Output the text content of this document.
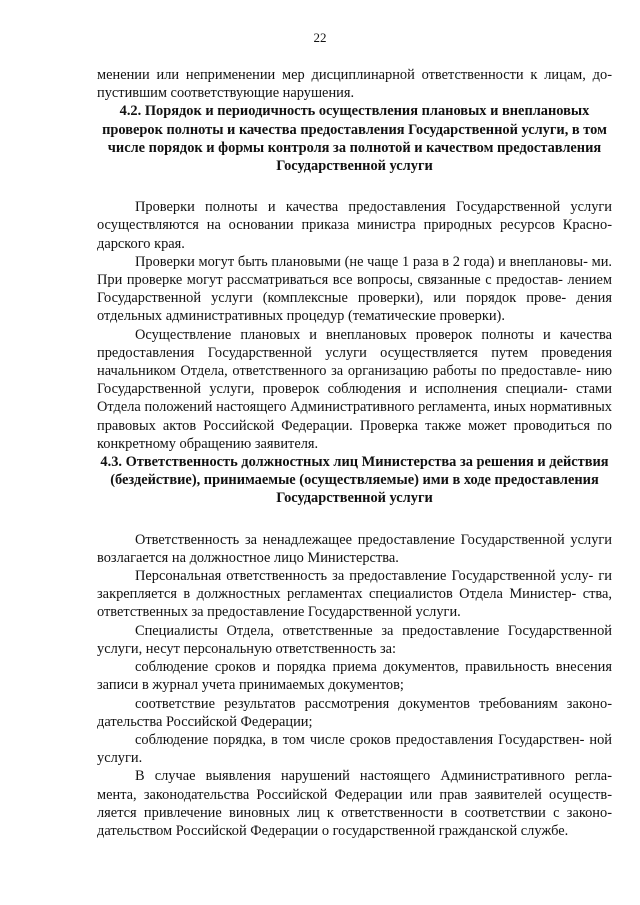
22

менении или неприменении мер дисциплинарной ответственности к лицам, до- пустившим соответствующие нарушения.

4.2. Порядок и периодичность осуществления плановых и внеплановых проверок полноты и качества предоставления Государственной услуги, в том числе порядок и формы контроля за полнотой и качеством предоставления Государственной услуги

Проверки полноты и качества предоставления Государственной услуги осуществляются на основании приказа министра природных ресурсов Красно- дарского края.

Проверки могут быть плановыми (не чаще 1 раза в 2 года) и внеплановы- ми. При проверке могут рассматриваться все вопросы, связанные с предостав- лением Государственной услуги (комплексные проверки), или порядок прове- дения отдельных административных процедур (тематические проверки).

Осуществление плановых и внеплановых проверок полноты и качества предоставления Государственной услуги осуществляется путем проведения начальником Отдела, ответственного за организацию работы по предоставле- нию Государственной услуги, проверок соблюдения и исполнения специали- стами Отдела положений настоящего Административного регламента, иных нормативных правовых актов Российской Федерации. Проверка также может проводиться по конкретному обращению заявителя.

4.3. Ответственность должностных лиц Министерства за решения и действия (бездействие), принимаемые (осуществляемые) ими в ходе предоставления Государственной услуги

Ответственность за ненадлежащее предоставление Государственной услуги возлагается на должностное лицо Министерства.

Персональная ответственность за предоставление Государственной услу- ги закрепляется в должностных регламентах специалистов Отдела Министер- ства, ответственных за предоставление Государственной услуги.

Специалисты Отдела, ответственные за предоставление Государственной услуги, несут персональную ответственность за:

соблюдение сроков и порядка приема документов, правильность внесения записи в журнал учета принимаемых документов;

соответствие результатов рассмотрения документов требованиям законо- дательства Российской Федерации;

соблюдение порядка, в том числе сроков предоставления Государствен- ной услуги.

В случае выявления нарушений настоящего Административного регла- мента, законодательства Российской Федерации или прав заявителей осуществ- ляется привлечение виновных лиц к ответственности в соответствии с законо- дательством Российской Федерации о государственной гражданской службе.
